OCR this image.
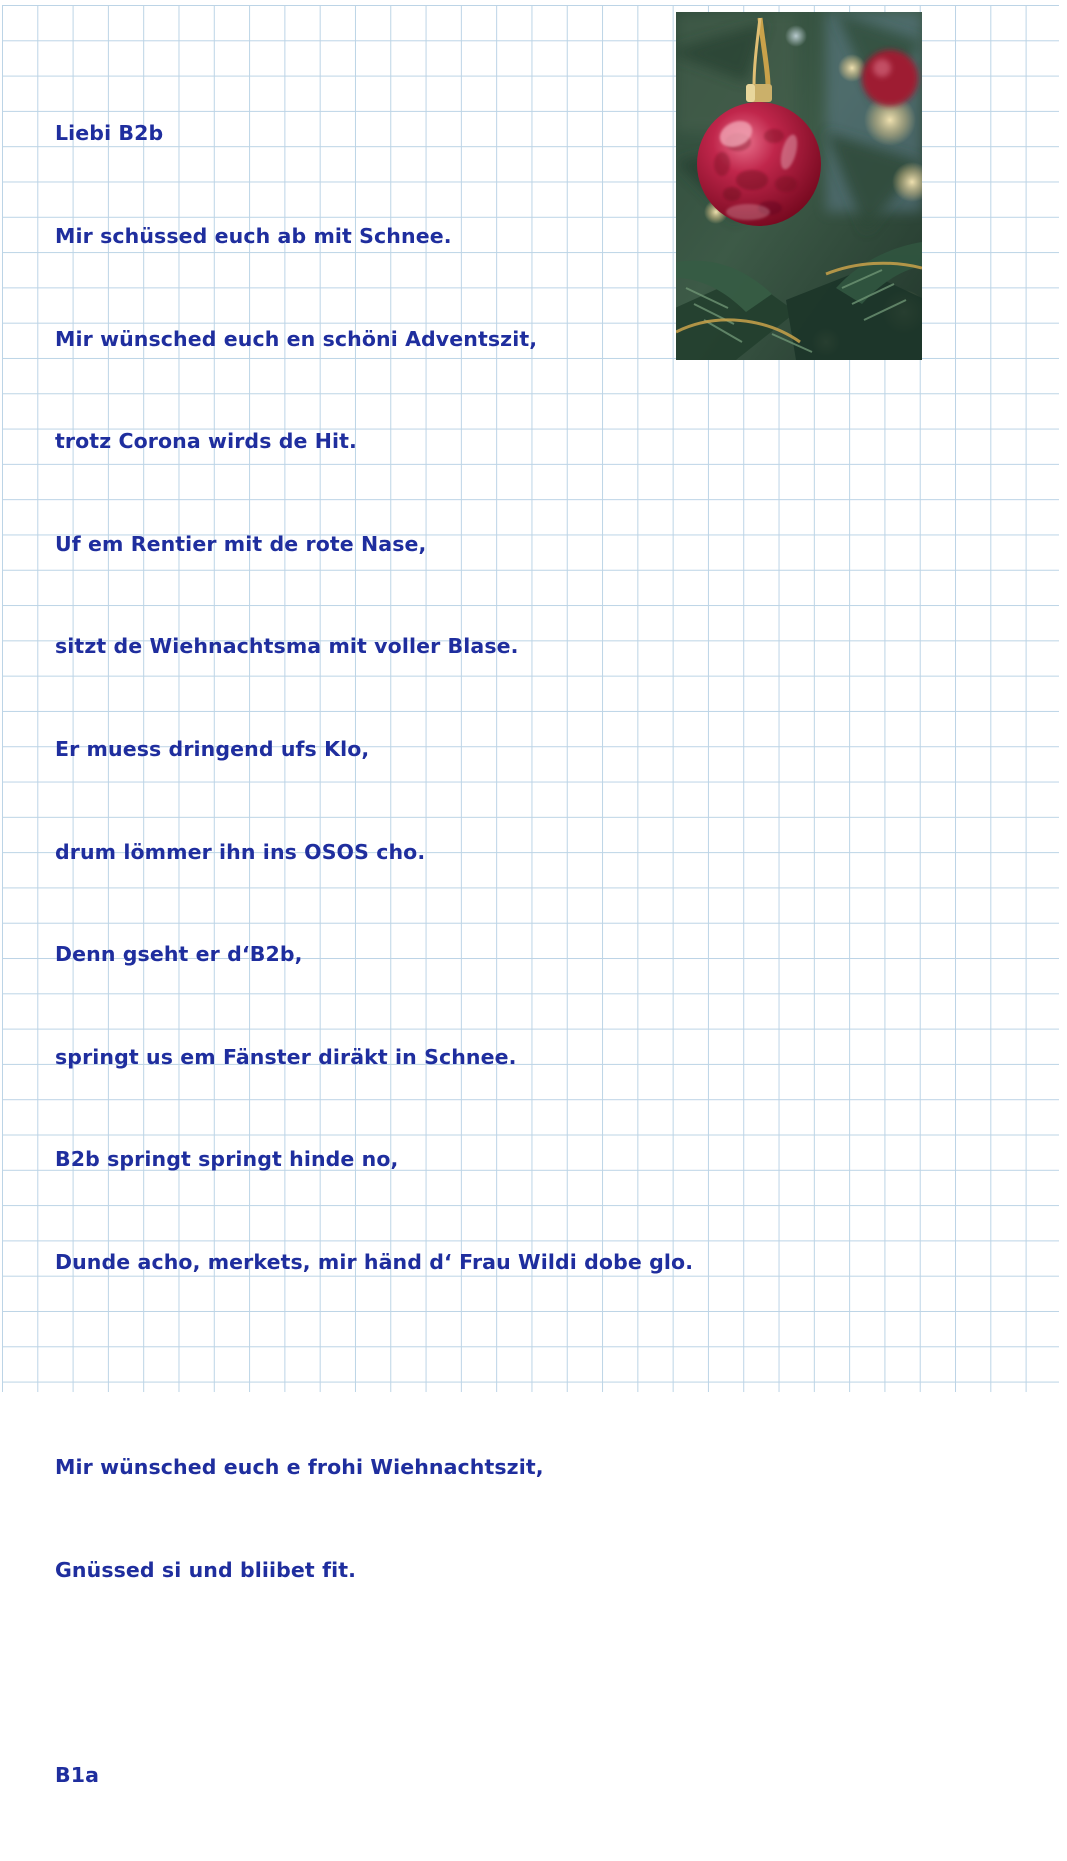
Liebi B2b

Mir schüssed euch ab mit Schnee.

Mir wünsched euch en schöni Adventszit,

trotz Corona wirds de Hit.

Uf em Rentier mit de rote Nase,

sitzt de Wiehnachtsma mit voller Blase.

Er muess dringend ufs Klo,

drum lömmer ihn ins OSOS cho.

Denn gseht er d‘B2b,

springt us em Fänster diräkt in Schnee.

B2b springt springt hinde no,

Dunde acho, merkets, mir händ d‘ Frau Wildi dobe glo.

Mir wünsched euch e frohi Wiehnachtszit,

Gnüssed si und bliibet fit.

B1a
